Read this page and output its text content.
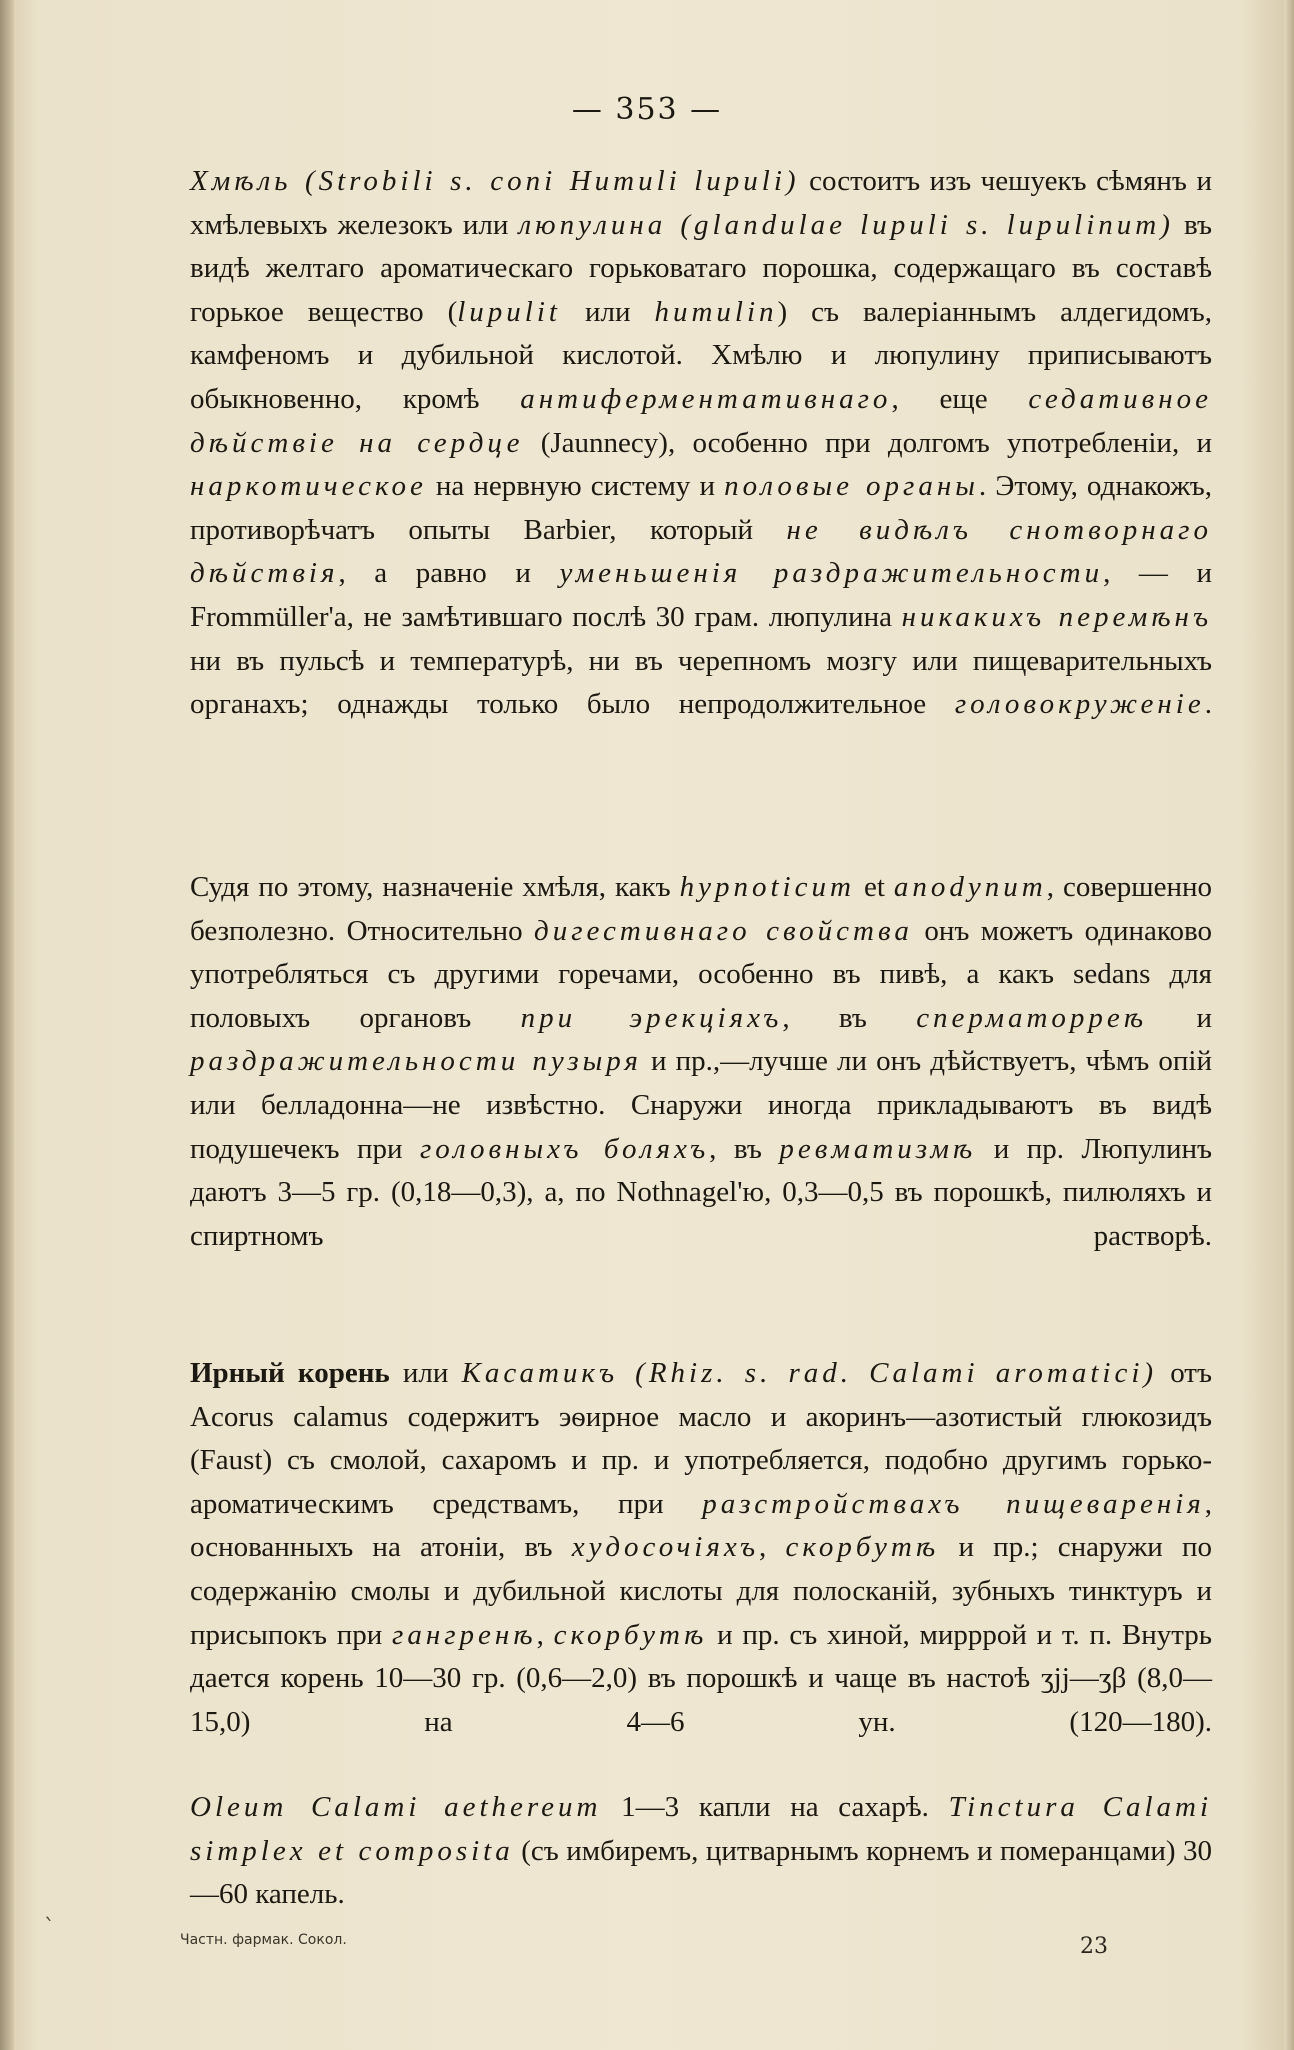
— 353 —
Хмѣль (Strobili s. coni Humuli lupuli) состоитъ изъ чешуекъ сѣмянъ и хмѣлевыхъ железокъ или люпулина (glandulae lupuli s. lupulinum) въ видѣ желтаго ароматическаго горьковатаго порошка, содержащаго въ составѣ горькое вещество (lupulit или humulin) съ валеріаннымъ алдегидомъ, камфеномъ и дубильной кислотой. Хмѣлю и люпулину приписываютъ обыкновенно, кромѣ антиферментативнаго, еще седативное дѣйствіе на сердце (Jaunnecy), особенно при долгомъ употребленіи, и наркотическое на нервную систему и половые органы. Этому, однакожъ, противорѣчатъ опыты Barbier, который не видѣлъ снотворнаго дѣйствія, а равно и уменьшенія раздражительности, — и Frommüller'а, не замѣтившаго послѣ 30 грам. люпулина никакихъ перемѣнъ ни въ пульсѣ и температурѣ, ни въ черепномъ мозгу или пищеварительныхъ органахъ; однажды только было непродолжительное головокруженіе.
Судя по этому, назначеніе хмѣля, какъ hypnoticum et anodynum, совершенно безполезно. Относительно дигестивнаго свойства онъ можетъ одинаково употребляться съ другими горечами, особенно въ пивѣ, а какъ sedans для половыхъ органовъ при эрекціяхъ, въ сперматорреѣ и раздражительности пузыря и пр.,—лучше ли онъ дѣйствуетъ, чѣмъ опій или белладонна—не извѣстно. Снаружи иногда прикладываютъ въ видѣ подушечекъ при головныхъ боляхъ, въ ревматизмѣ и пр. Люпулинъ даютъ 3—5 гр. (0,18—0,3), а, по Nothnagel'ю, 0,3—0,5 въ порошкѣ, пилюляхъ и спиртномъ растворѣ.
Ирный корень или Касатикъ (Rhiz. s. rad. Calami aromatici) отъ Acorus calamus содержитъ эѳирное масло и акоринъ—азотистый глюкозидъ (Faust) съ смолой, сахаромъ и пр. и употребляется, подобно другимъ горько-ароматическимъ средствамъ, при разстройствахъ пищеваренія, основанныхъ на атоніи, въ худосочіяхъ, скорбутѣ и пр.; снаружи по содержанію смолы и дубильной кислоты для полосканій, зубныхъ тинктуръ и присыпокъ при гангренѣ, скорбутѣ и пр. съ хиной, мирррой и т. п. Внутрь дается корень 10—30 гр. (0,6—2,0) въ порошкѣ и чаще въ настоѣ ʒjj—ʒβ (8,0—15,0) на 4—6 ун. (120—180).
Oleum Calami aethereum 1—3 капли на сахарѣ. Tinctura Calami simplex et composita (съ имбиремъ, цитварнымъ корнемъ и померанцами) 30—60 капель.
ˋ	Частн. фармак. Сокол.	23
